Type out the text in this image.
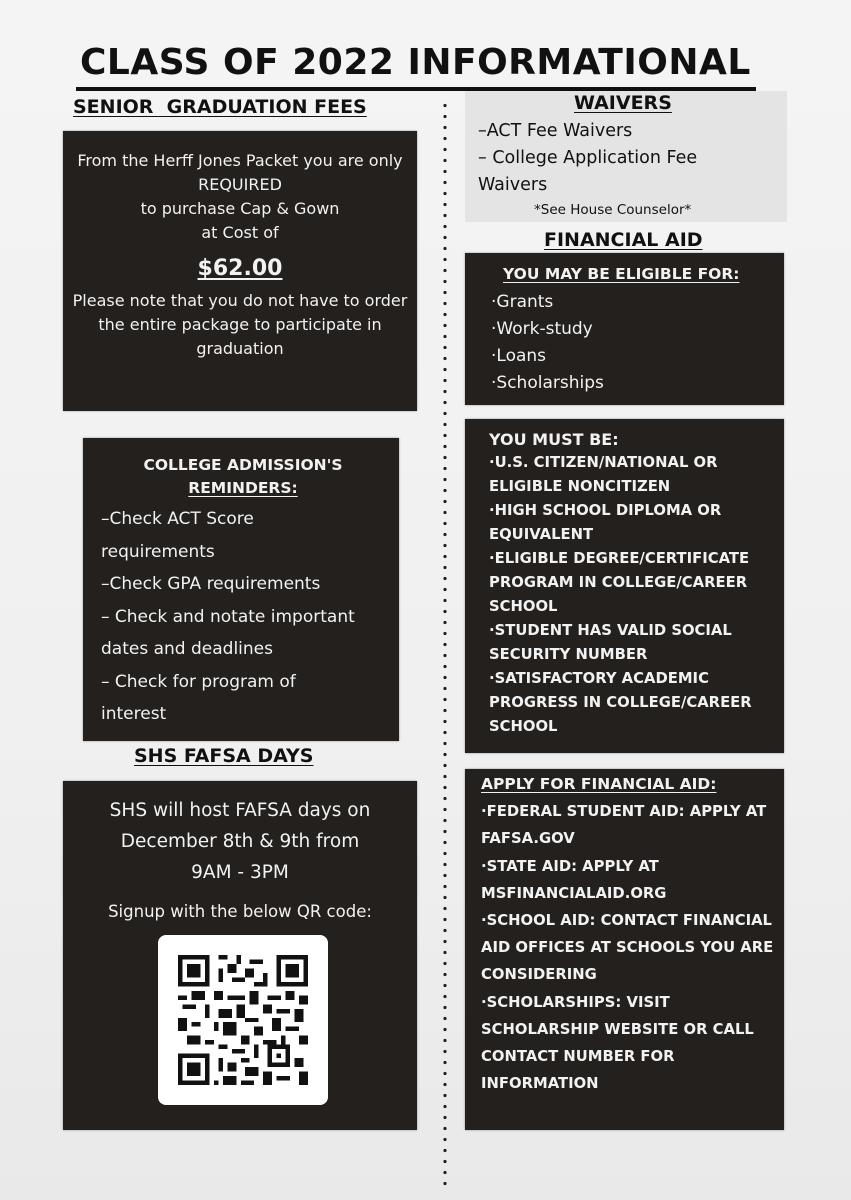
CLASS OF 2022 INFORMATIONAL
SENIOR  GRADUATION FEES
From the Herff Jones Packet you are only
REQUIRED
to purchase Cap & Gown
at Cost of
$62.00
Please note that you do not have to order
the entire package to participate in
graduation
COLLEGE ADMISSION'S
REMINDERS:
–Check ACT Score
requirements
–Check GPA requirements
– Check and notate important
dates and deadlines
– Check for program of
interest
SHS FAFSA DAYS
SHS will host FAFSA days on
December 8th & 9th from
9AM - 3PM
Signup with the below QR code:
WAIVERS
–ACT Fee Waivers
– College Application Fee
Waivers
*See House Counselor*
FINANCIAL AID
YOU MAY BE ELIGIBLE FOR:
·Grants
·Work-study
·Loans
·Scholarships
YOU MUST BE:
·U.S. CITIZEN/NATIONAL OR
ELIGIBLE NONCITIZEN
·HIGH SCHOOL DIPLOMA OR
EQUIVALENT
·ELIGIBLE DEGREE/CERTIFICATE
PROGRAM IN COLLEGE/CAREER
SCHOOL
·STUDENT HAS VALID SOCIAL
SECURITY NUMBER
·SATISFACTORY ACADEMIC
PROGRESS IN COLLEGE/CAREER
SCHOOL
APPLY FOR FINANCIAL AID:
·FEDERAL STUDENT AID: APPLY AT
FAFSA.GOV
·STATE AID: APPLY AT
MSFINANCIALAID.ORG
·SCHOOL AID: CONTACT FINANCIAL
AID OFFICES AT SCHOOLS YOU ARE
CONSIDERING
·SCHOLARSHIPS: VISIT
SCHOLARSHIP WEBSITE OR CALL
CONTACT NUMBER FOR
INFORMATION
